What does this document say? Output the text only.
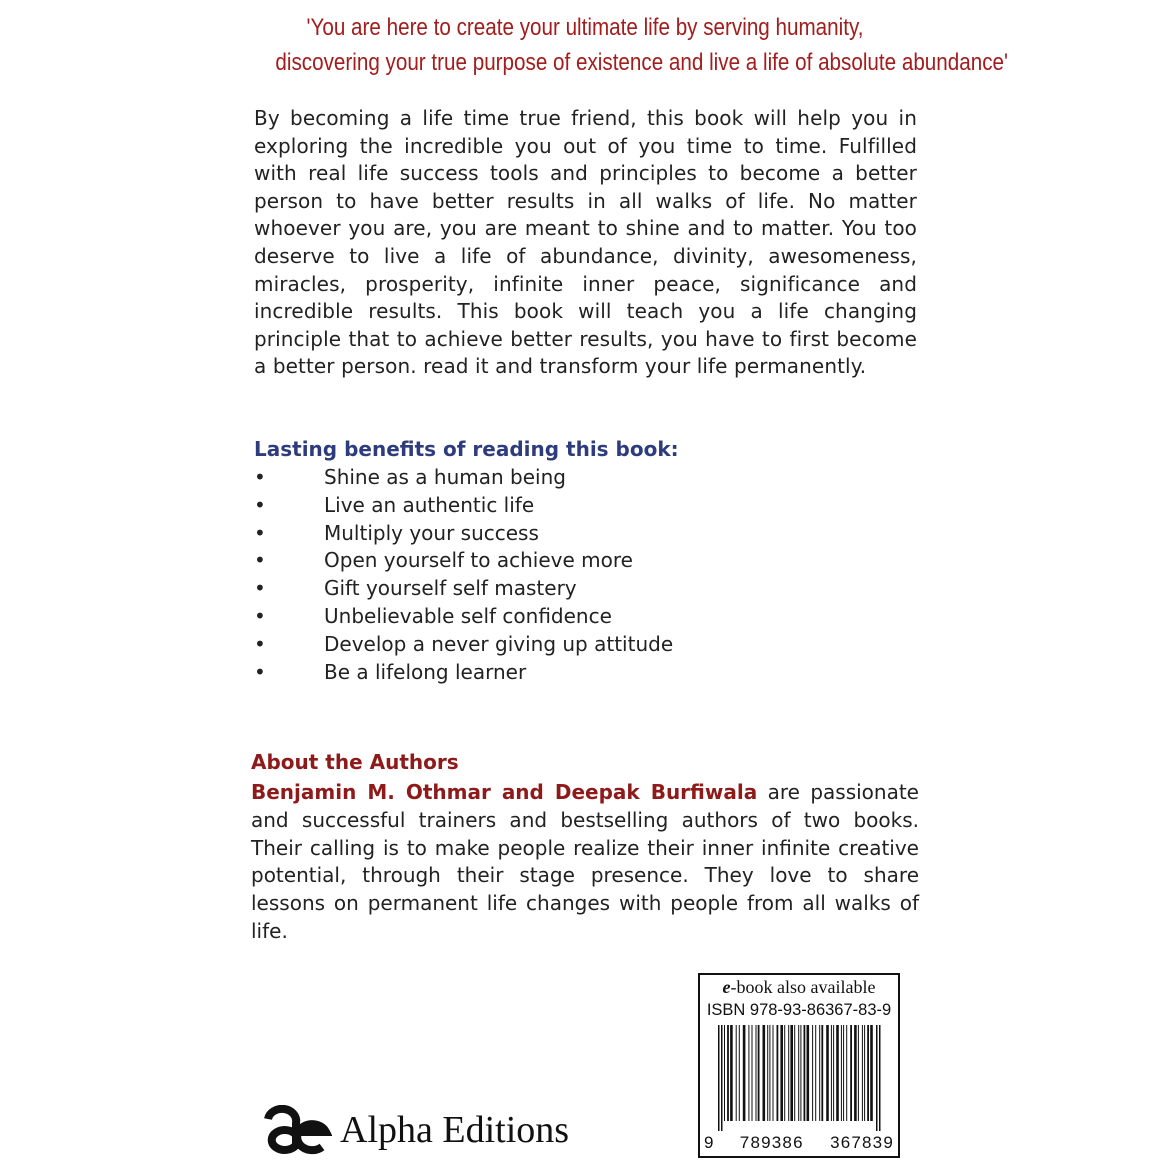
'You are here to create your ultimate life by serving humanity,
discovering your true purpose of existence and live a life of absolute abundance'
By becoming a life time true friend, this book will help you in exploring the incredible you out of you time to time. Fulfilled with real life success tools and principles to become a better person to have better results in all walks of life. No matter whoever you are, you are meant to shine and to matter. You too deserve to live a life of abundance, divinity, awesomeness, miracles, prosperity, infinite inner peace, significance and incredible results. This book will teach you a life changing principle that to achieve better results, you have to first become a better person. read it and transform your life permanently.
Lasting benefits of reading this book:
•	Shine as a human being
•	Live an authentic life
•	Multiply your success
•	Open yourself to achieve more
•	Gift yourself self mastery
•	Unbelievable self confidence
•	Develop a never giving up attitude
•	Be a lifelong learner
About the Authors
Benjamin M. Othmar and Deepak Burfiwala are passionate and successful trainers and bestselling authors of two books. Their calling is to make people realize their inner infinite creative potential, through their stage presence. They love to share lessons on permanent life changes with people from all walks of life.
e-book also available
ISBN 978-93-86367-83-9
9 789386 367839
Alpha Editions
